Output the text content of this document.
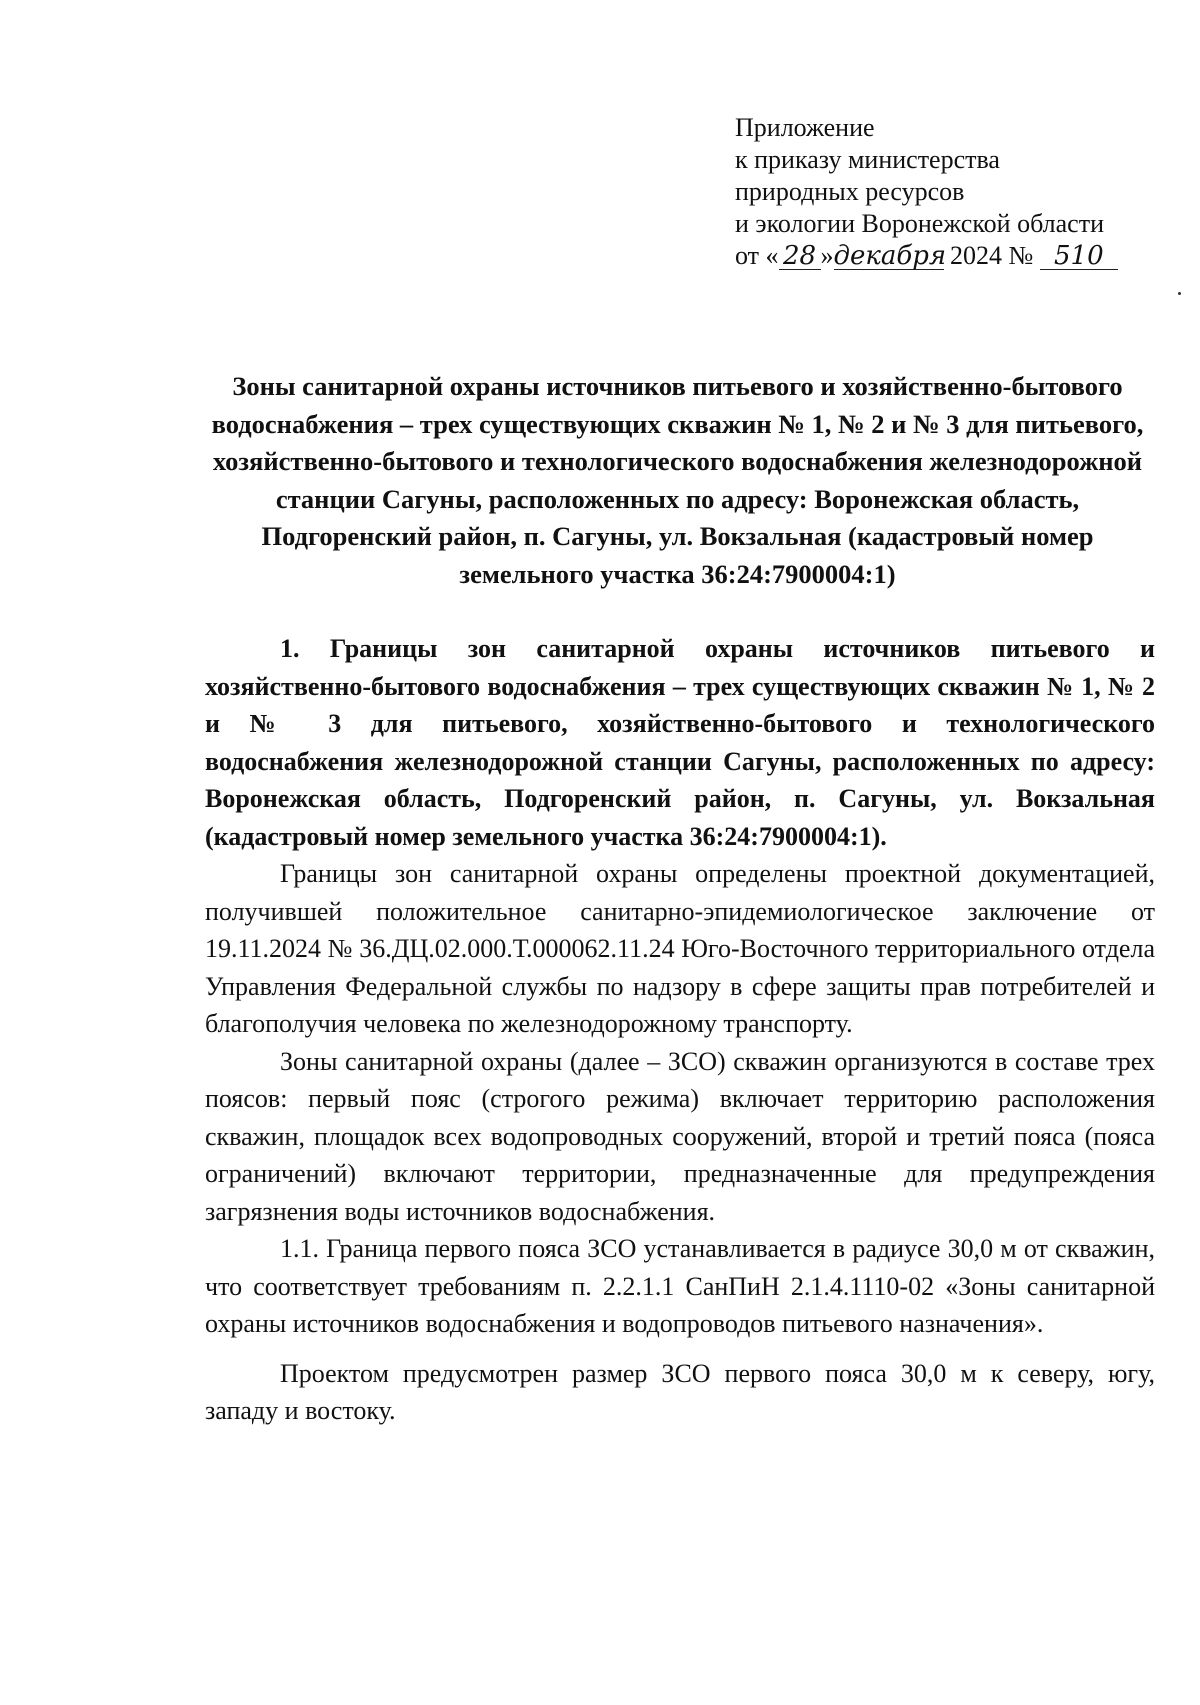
Приложение
к приказу министерства
природных ресурсов
и экологии Воронежской области
от « 28 »декабря 2024 № 510
Зоны санитарной охраны источников питьевого и хозяйственно-бытового водоснабжения – трех существующих скважин № 1, № 2 и № 3 для питьевого, хозяйственно-бытового и технологического водоснабжения железнодорожной станции Сагуны, расположенных по адресу: Воронежская область, Подгоренский район, п. Сагуны, ул. Вокзальная (кадастровый номер земельного участка 36:24:7900004:1)

1. Границы зон санитарной охраны источников питьевого и хозяйственно-бытового водоснабжения – трех существующих скважин № 1, № 2 и № 3 для питьевого, хозяйственно-бытового и технологического водоснабжения железнодорожной станции Сагуны, расположенных по адресу: Воронежская область, Подгоренский район, п. Сагуны, ул. Вокзальная (кадастровый номер земельного участка 36:24:7900004:1).

Границы зон санитарной охраны определены проектной документацией, получившей положительное санитарно-эпидемиологическое заключение от 19.11.2024 № 36.ДЦ.02.000.Т.000062.11.24 Юго-Восточного территориального отдела Управления Федеральной службы по надзору в сфере защиты прав потребителей и благополучия человека по железнодорожному транспорту.

Зоны санитарной охраны (далее – ЗСО) скважин организуются в составе трех поясов: первый пояс (строгого режима) включает территорию расположения скважин, площадок всех водопроводных сооружений, второй и третий пояса (пояса ограничений) включают территории, предназначенные для предупреждения загрязнения воды источников водоснабжения.

1.1. Граница первого пояса ЗСО устанавливается в радиусе 30,0 м от скважин, что соответствует требованиям п. 2.2.1.1 СанПиН 2.1.4.1110-02 «Зоны санитарной охраны источников водоснабжения и водопроводов питьевого назначения».

Проектом предусмотрен размер ЗСО первого пояса 30,0 м к северу, югу, западу и востоку.
